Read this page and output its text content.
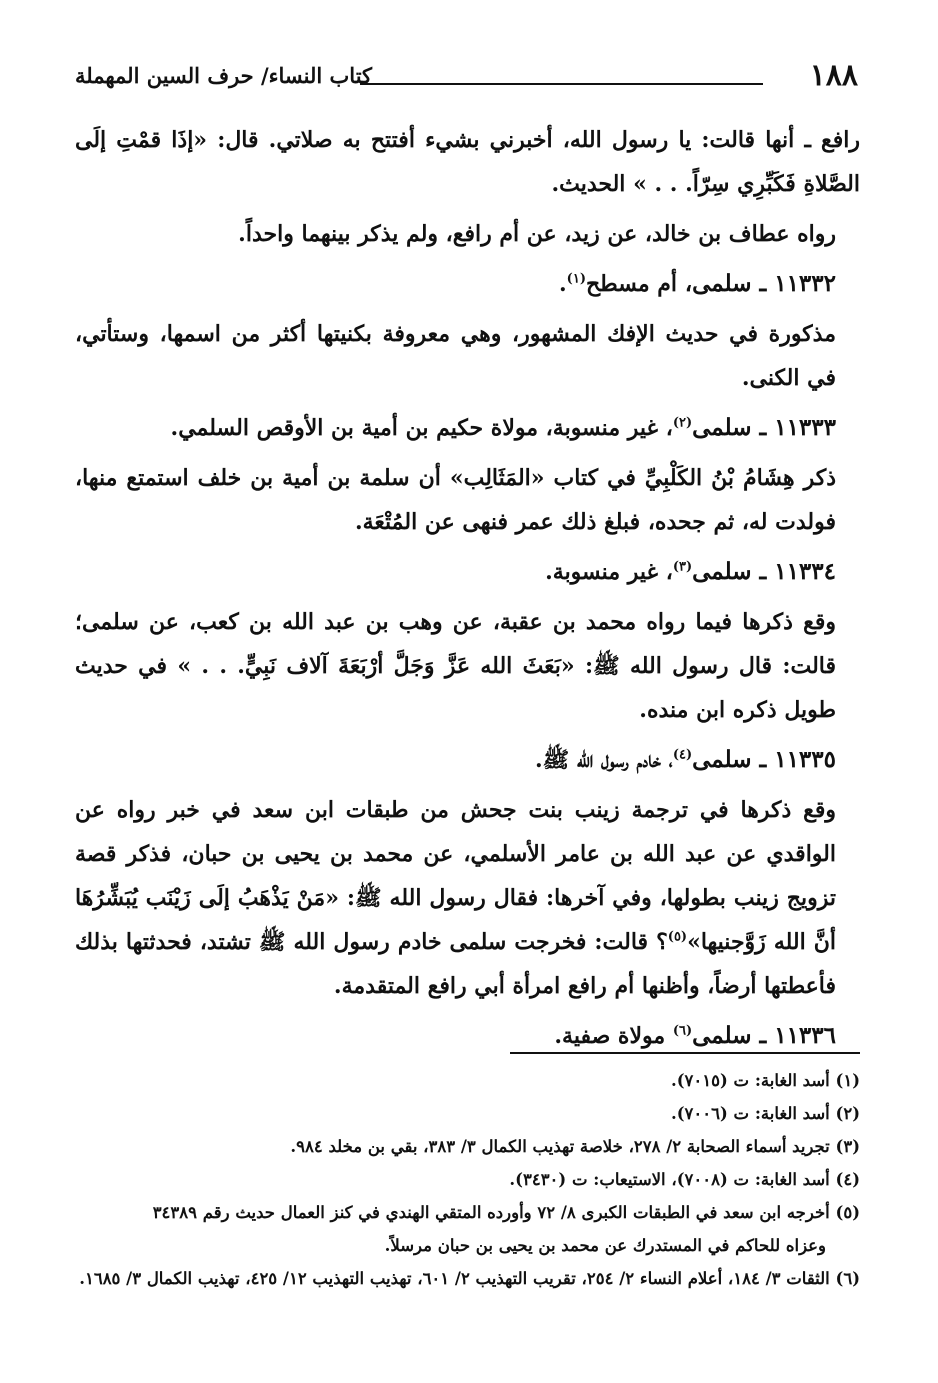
١٨٨
كتاب النساء/ حرف السين المهملة

رافع ـ أنها قالت: يا رسول الله، أخبرني بشيء أفتتح به صلاتي. قال: «إذَا قمْتِ إلَى الصَّلاةِ فَكَبِّرِي سِرّاً. . . » الحديث.

رواه عطاف بن خالد، عن زيد، عن أم رافع، ولم يذكر بينهما واحداً.

١١٣٣٢ ـ سلمى، أم مسطح$^{(١)}$.

مذكورة في حديث الإفك المشهور، وهي معروفة بكنيتها أكثر من اسمها، وستأتي، في الكنى.

١١٣٣٣ ـ سلمى$^{(٢)}$، غير منسوبة، مولاة حكيم بن أمية بن الأوقص السلمي.

ذكر هِشَامُ بْنُ الكَلْبِيِّ في كتاب «المَثَالِب» أن سلمة بن أمية بن خلف استمتع منها، فولدت له، ثم جحده، فبلغ ذلك عمر فنهى عن المُتْعَة.

١١٣٣٤ ـ سلمى$^{(٣)}$، غير منسوبة.

وقع ذكرها فيما رواه محمد بن عقبة، عن وهب بن عبد الله بن كعب، عن سلمى؛ قالت: قال رسول الله ﷺ: «بَعَثَ الله عَزَّ وَجَلَّ أرْبَعَةَ آلاف نَبِيٍّ. . . » في حديث طويل ذكره ابن منده.

١١٣٣٥ ـ سلمى$^{(٤)}$، خادم رسول الله ﷺ.

وقع ذكرها في ترجمة زينب بنت جحش من طبقات ابن سعد في خبر رواه عن الواقدي عن عبد الله بن عامر الأسلمي، عن محمد بن يحيى بن حبان، فذكر قصة تزويج زينب بطولها، وفي آخرها: فقال رسول الله ﷺ: «مَنْ يَذْهَبُ إلَى زَيْنَب يُبَشِّرُهَا أنَّ الله زَوَّجنيها»$^{(٥)}$؟ قالت: فخرجت سلمى خادم رسول الله ﷺ تشتد، فحدثتها بذلك فأعطتها أرضاً، وأظنها أم رافع امرأة أبي رافع المتقدمة.

١١٣٣٦ ـ سلمى$^{(٦)}$ مولاة صفية.

(١) أسد الغابة: ت (٧٠١٥).

(٢) أسد الغابة: ت (٧٠٠٦).

(٣) تجريد أسماء الصحابة ٢/ ٢٧٨، خلاصة تهذيب الكمال ٣/ ٣٨٣، بقي بن مخلد ٩٨٤.

(٤) أسد الغابة: ت (٧٠٠٨)، الاستيعاب: ت (٣٤٣٠).

(٥) أخرجه ابن سعد في الطبقات الكبرى ٨/ ٧٢ وأورده المتقي الهندي في كنز العمال حديث رقم ٣٤٣٨٩

وعزاه للحاكم في المستدرك عن محمد بن يحيى بن حبان مرسلاً.

(٦) الثقات ٣/ ١٨٤، أعلام النساء ٢/ ٢٥٤، تقريب التهذيب ٢/ ٦٠١، تهذيب التهذيب ١٢/ ٤٢٥، تهذيب الكمال ٣/ ١٦٨٥.
